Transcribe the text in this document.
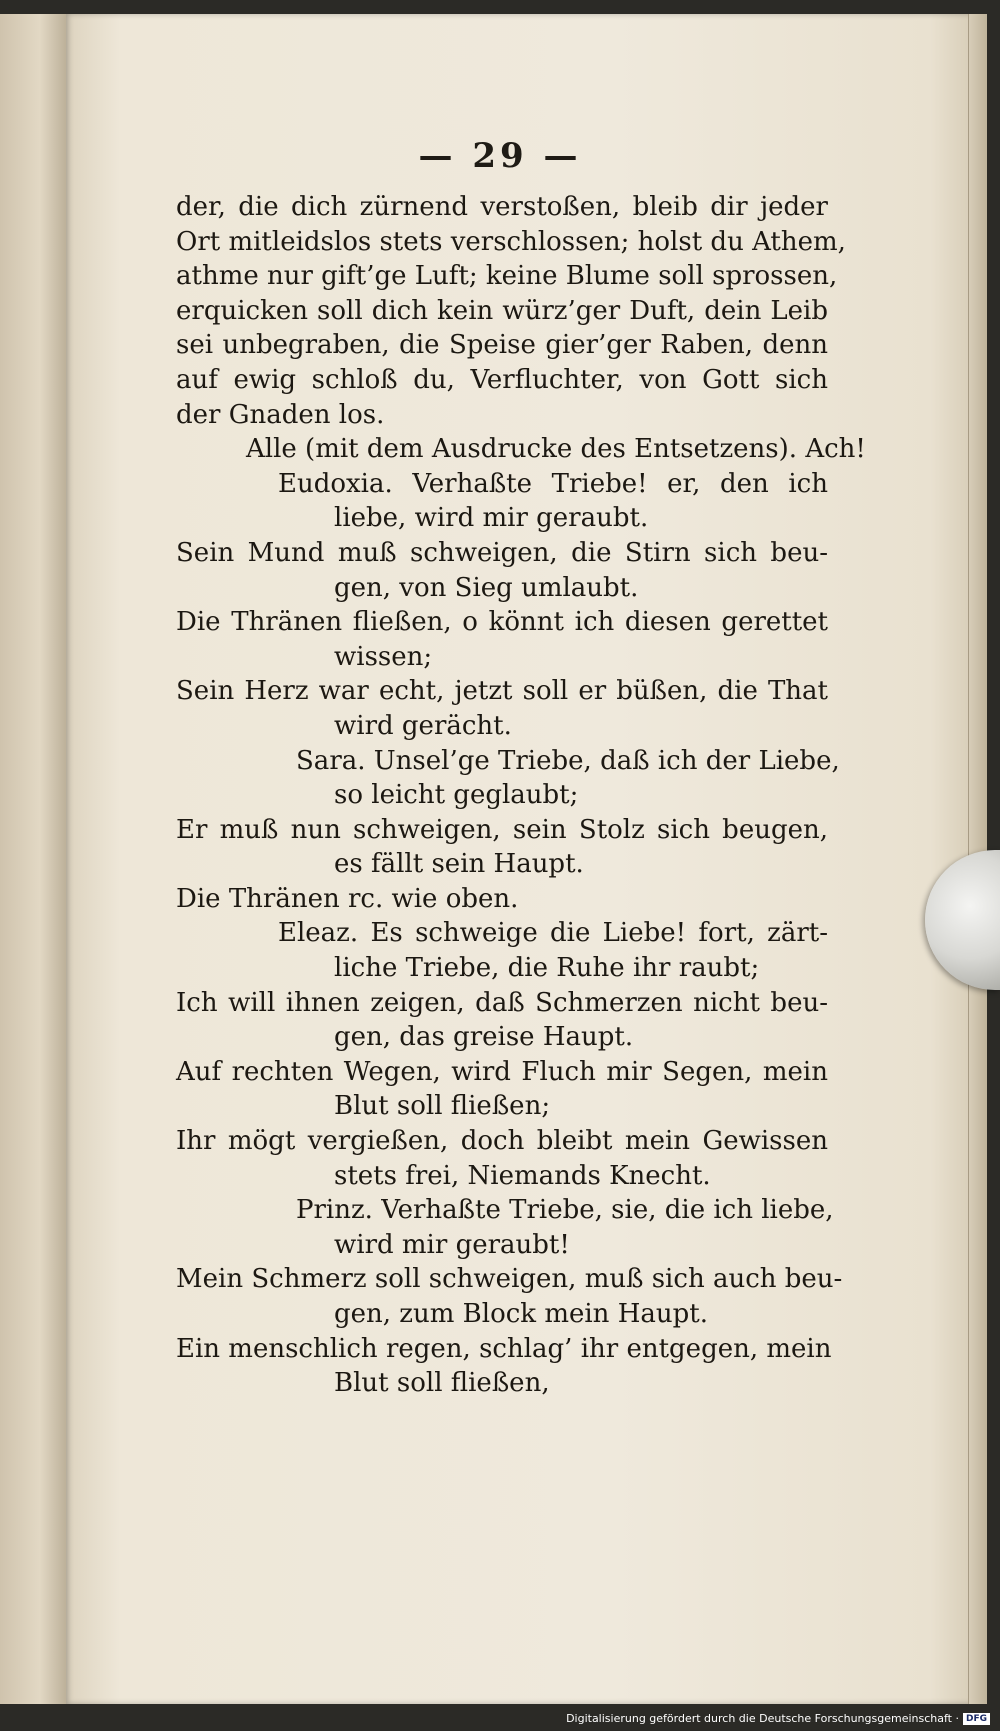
— 29 —
der, die dich zürnend verstoßen, bleib dir jeder
Ort mitleidslos stets verschlossen; holst du Athem,
athme nur gift’ge Luft; keine Blume soll sprossen,
erquicken soll dich kein würz’ger Duft, dein Leib
sei unbegraben, die Speise gier’ger Raben, denn
auf ewig schloß du, Verfluchter, von Gott sich
der Gnaden los.
Alle (mit dem Ausdrucke des Entsetzens). Ach!
Eudoxia. Verhaßte Triebe! er, den ich
liebe, wird mir geraubt.
Sein Mund muß schweigen, die Stirn sich beu-
gen, von Sieg umlaubt.
Die Thränen fließen, o könnt ich diesen gerettet
wissen;
Sein Herz war echt, jetzt soll er büßen, die That
wird gerächt.
Sara. Unsel’ge Triebe, daß ich der Liebe,
so leicht geglaubt;
Er muß nun schweigen, sein Stolz sich beugen,
es fällt sein Haupt.
Die Thränen rc. wie oben.
Eleaz. Es schweige die Liebe! fort, zärt-
liche Triebe, die Ruhe ihr raubt;
Ich will ihnen zeigen, daß Schmerzen nicht beu-
gen, das greise Haupt.
Auf rechten Wegen, wird Fluch mir Segen, mein
Blut soll fließen;
Ihr mögt vergießen, doch bleibt mein Gewissen
stets frei, Niemands Knecht.
Prinz. Verhaßte Triebe, sie, die ich liebe,
wird mir geraubt!
Mein Schmerz soll schweigen, muß sich auch beu-
gen, zum Block mein Haupt.
Ein menschlich regen, schlag’ ihr entgegen, mein
Blut soll fließen,
Digitalisierung gefördert durch die Deutsche Forschungsgemeinschaft · DFG
